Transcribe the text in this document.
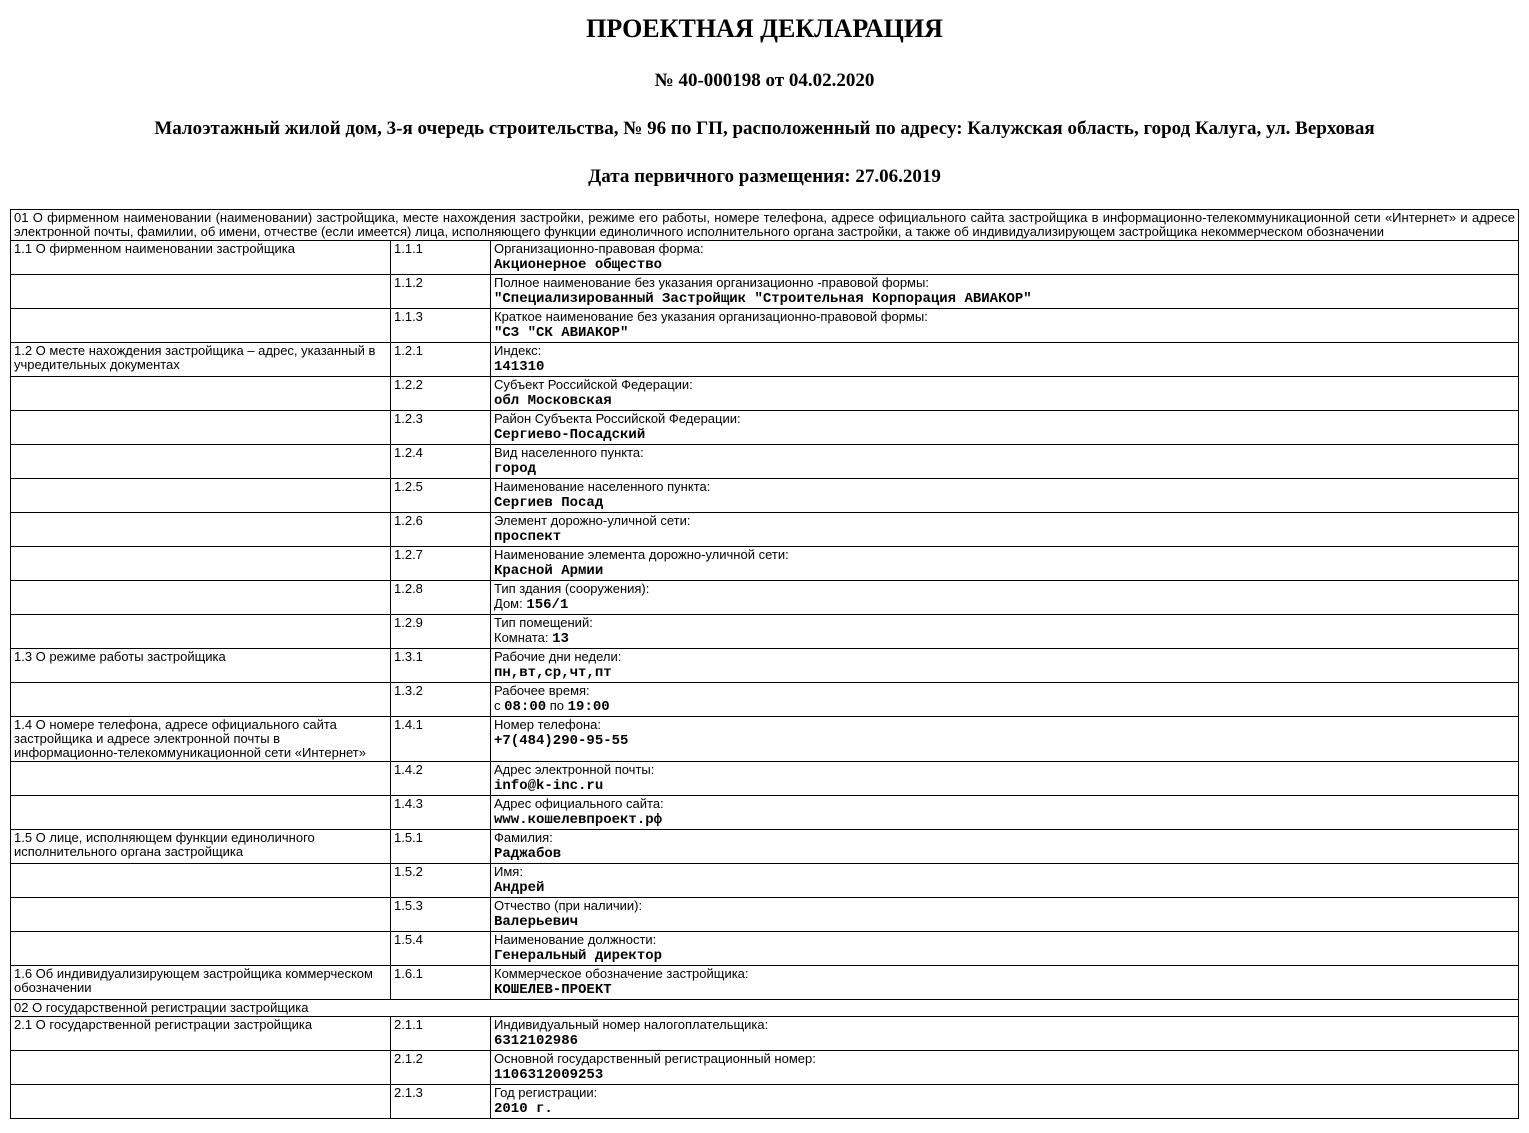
ПРОЕКТНАЯ ДЕКЛАРАЦИЯ
№ 40-000198 от 04.02.2020
Малоэтажный жилой дом, 3-я очередь строительства, № 96 по ГП, расположенный по адресу: Калужская область, город Калуга, ул. Верховая
Дата первичного размещения: 27.06.2019
01 О фирменном наименовании (наименовании) застройщика, месте нахождения застройки, режиме его работы, номере телефона, адресе официального сайта застройщика в информационно-телекоммуникационной сети «Интернет» и адресе электронной почты, фамилии, об имени, отчестве (если имеется) лица, исполняющего функции единоличного исполнительного органа застройки, а также об индивидуализирующем застройщика некоммерческом обозначении		
1.1 О фирменном наименовании застройщика	1.1.1	Организационно-правовая форма:
Акционерное общество

	1.1.2	Полное наименование без указания организационно -правовой формы:
"Специализированный Застройщик "Строительная Корпорация АВИАКОР"

	1.1.3	Краткое наименование без указания организационно-правовой формы:
"СЗ "СК АВИАКОР"

1.2 О месте нахождения застройщика – адрес, указанный в учредительных документах	1.2.1	Индекс:
141310

	1.2.2	Субъект Российской Федерации:
обл Московская

	1.2.3	Район Субъекта Российской Федерации:
Сергиево-Посадский

	1.2.4	Вид населенного пункта:
город

	1.2.5	Наименование населенного пункта:
Сергиев Посад

	1.2.6	Элемент дорожно-уличной сети:
проспект

	1.2.7	Наименование элемента дорожно-уличной сети:
Красной Армии

	1.2.8	Тип здания (сооружения):
Дом: 156/1

	1.2.9	Тип помещений:
Комната: 13

1.3 О режиме работы застройщика	1.3.1	Рабочие дни недели:
пн,вт,ср,чт,пт

	1.3.2	Рабочее время:
с 08:00 по 19:00

1.4 О номере телефона, адресе официального сайта застройщика и адресе электронной почты в информационно-телекоммуникационной сети «Интернет»	1.4.1	Номер телефона:
+7(484)290-95-55

	1.4.2	Адрес электронной почты:
info@k-inc.ru

	1.4.3	Адрес официального сайта:
www.кошелевпроект.рф

1.5 О лице, исполняющем функции единоличного исполнительного органа застройщика	1.5.1	Фамилия:
Раджабов

	1.5.2	Имя:
Андрей

	1.5.3	Отчество (при наличии):
Валерьевич

	1.5.4	Наименование должности:
Генеральный директор

1.6 Об индивидуализирующем застройщика коммерческом обозначении	1.6.1	Коммерческое обозначение застройщика:
КОШЕЛЕВ-ПРОЕКТ

02 О государственной регистрации застройщика		
2.1 О государственной регистрации застройщика	2.1.1	Индивидуальный номер налогоплательщика:
6312102986

	2.1.2	Основной государственный регистрационный номер:
1106312009253

	2.1.3	Год регистрации:
2010 г.
